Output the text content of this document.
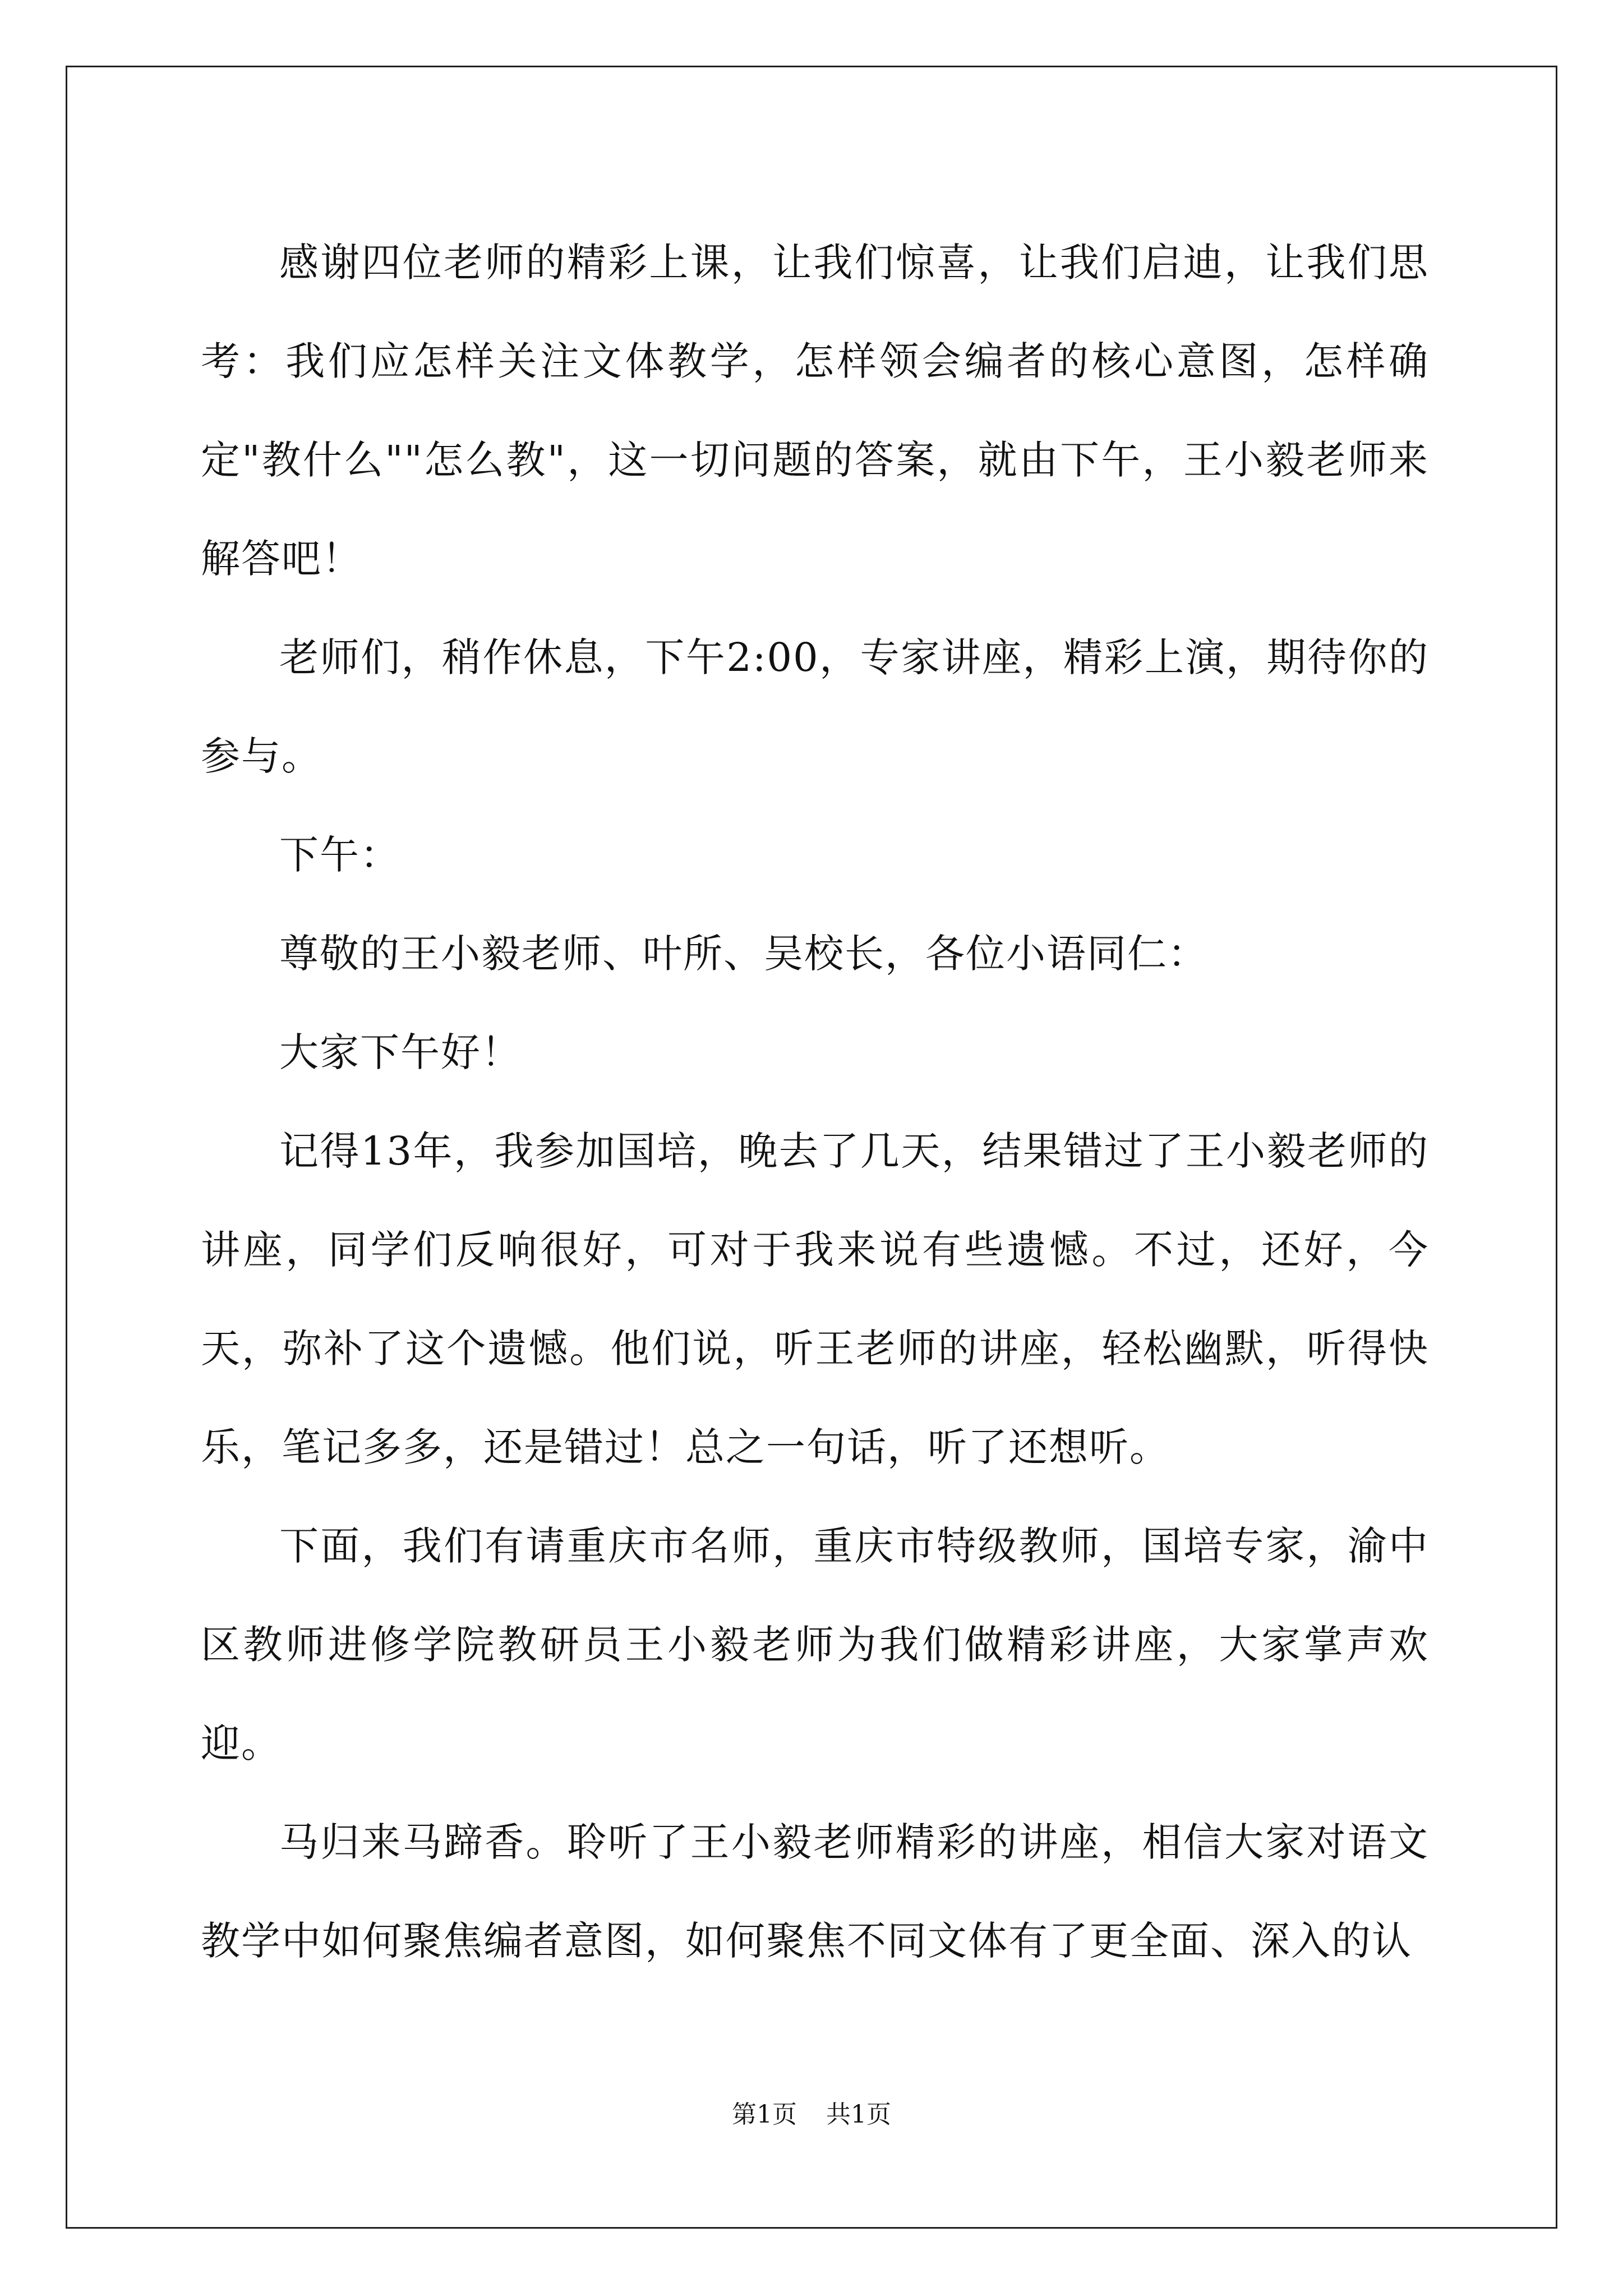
感谢四位老师的精彩上课，让我们惊喜，让我们启迪，让我们思考：我们应怎样关注文体教学，怎样领会编者的核心意图，怎样确定"教什么""怎么教"，这一切问题的答案，就由下午，王小毅老师来解答吧！

老师们，稍作休息，下午2:00，专家讲座，精彩上演，期待你的参与。

下午：

尊敬的王小毅老师、叶所、吴校长，各位小语同仁：

大家下午好！

记得13年，我参加国培，晚去了几天，结果错过了王小毅老师的讲座，同学们反响很好，可对于我来说有些遗憾。不过，还好，今天，弥补了这个遗憾。他们说，听王老师的讲座，轻松幽默，听得快乐，笔记多多，还是错过！总之一句话，听了还想听。

下面，我们有请重庆市名师，重庆市特级教师，国培专家，渝中区教师进修学院教研员王小毅老师为我们做精彩讲座，大家掌声欢迎。

马归来马蹄香。聆听了王小毅老师精彩的讲座，相信大家对语文教学中如何聚焦编者意图，如何聚焦不同文体有了更全面、深入的认

第1页 共1页
